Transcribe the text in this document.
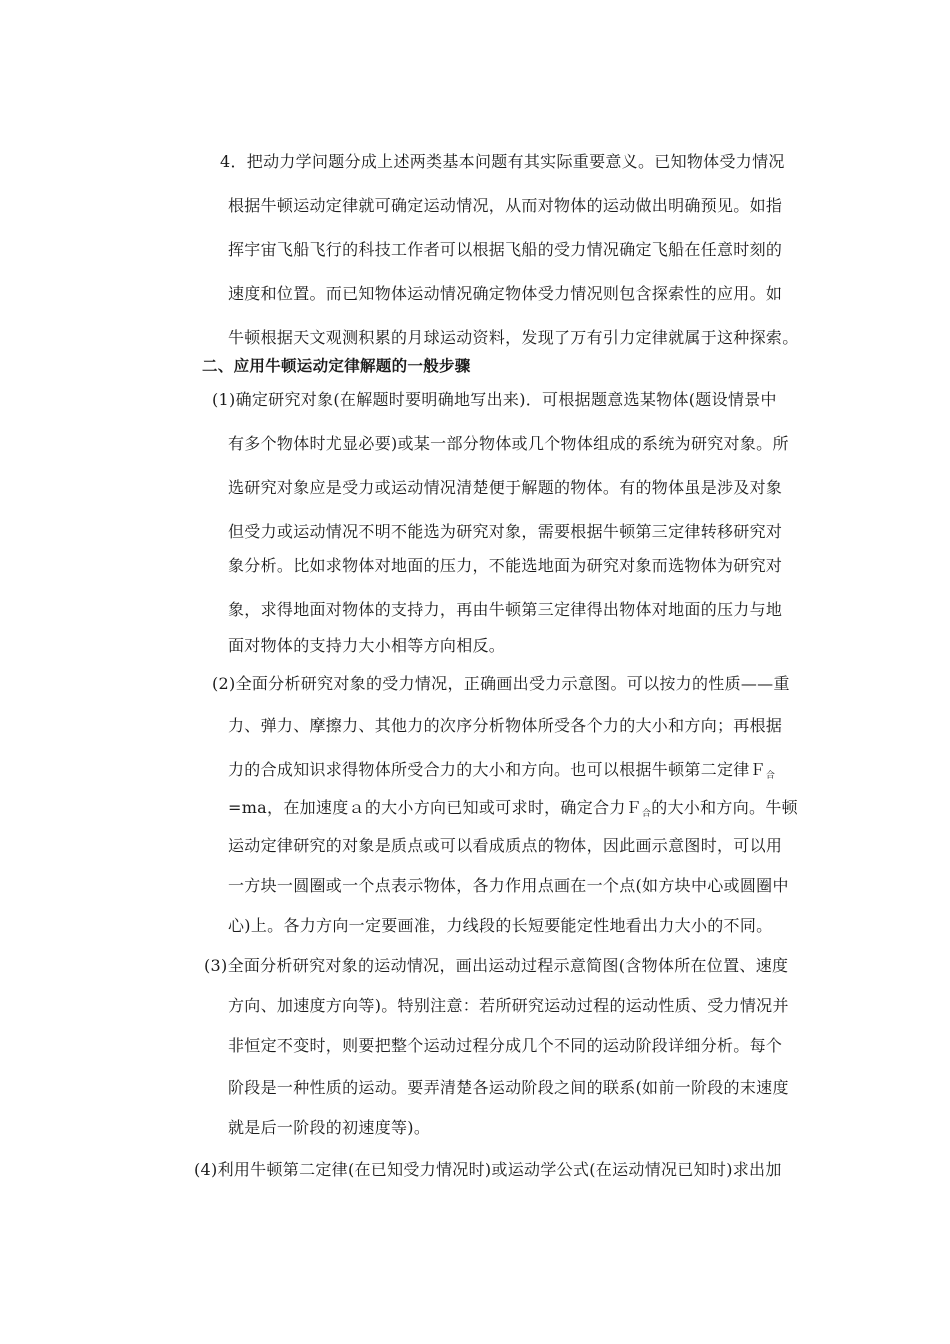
4．把动力学问题分成上述两类基本问题有其实际重要意义。已知物体受力情况
根据牛顿运动定律就可确定运动情况，从而对物体的运动做出明确预见。如指
挥宇宙飞船飞行的科技工作者可以根据飞船的受力情况确定飞船在任意时刻的
速度和位置。而已知物体运动情况确定物体受力情况则包含探索性的应用。如
牛顿根据天文观测积累的月球运动资料，发现了万有引力定律就属于这种探索。
二、应用牛顿运动定律解题的一般步骤
(1)确定研究对象(在解题时要明确地写出来)．可根据题意选某物体(题设情景中
有多个物体时尤显必要)或某一部分物体或几个物体组成的系统为研究对象。所
选研究对象应是受力或运动情况清楚便于解题的物体。有的物体虽是涉及对象
但受力或运动情况不明不能选为研究对象，需要根据牛顿第三定律转移研究对
象分析。比如求物体对地面的压力，不能选地面为研究对象而选物体为研究对
象，求得地面对物体的支持力，再由牛顿第三定律得出物体对地面的压力与地
面对物体的支持力大小相等方向相反。
(2)全面分析研究对象的受力情况，正确画出受力示意图。可以按力的性质——重
力、弹力、摩擦力、其他力的次序分析物体所受各个力的大小和方向；再根据
力的合成知识求得物体所受合力的大小和方向。也可以根据牛顿第二定律Ｆ$_合$
=ma，在加速度ａ的大小方向已知或可求时，确定合力Ｆ$_合$的大小和方向。牛顿
运动定律研究的对象是质点或可以看成质点的物体，因此画示意图时，可以用
一方块一圆圈或一个点表示物体，各力作用点画在一个点(如方块中心或圆圈中
心)上。各力方向一定要画准，力线段的长短要能定性地看出力大小的不同。
(3)全面分析研究对象的运动情况，画出运动过程示意简图(含物体所在位置、速度
方向、加速度方向等)。特别注意：若所研究运动过程的运动性质、受力情况并
非恒定不变时，则要把整个运动过程分成几个不同的运动阶段详细分析。每个
阶段是一种性质的运动。要弄清楚各运动阶段之间的联系(如前一阶段的末速度
就是后一阶段的初速度等)。
(4)利用牛顿第二定律(在已知受力情况时)或运动学公式(在运动情况已知时)求出加
